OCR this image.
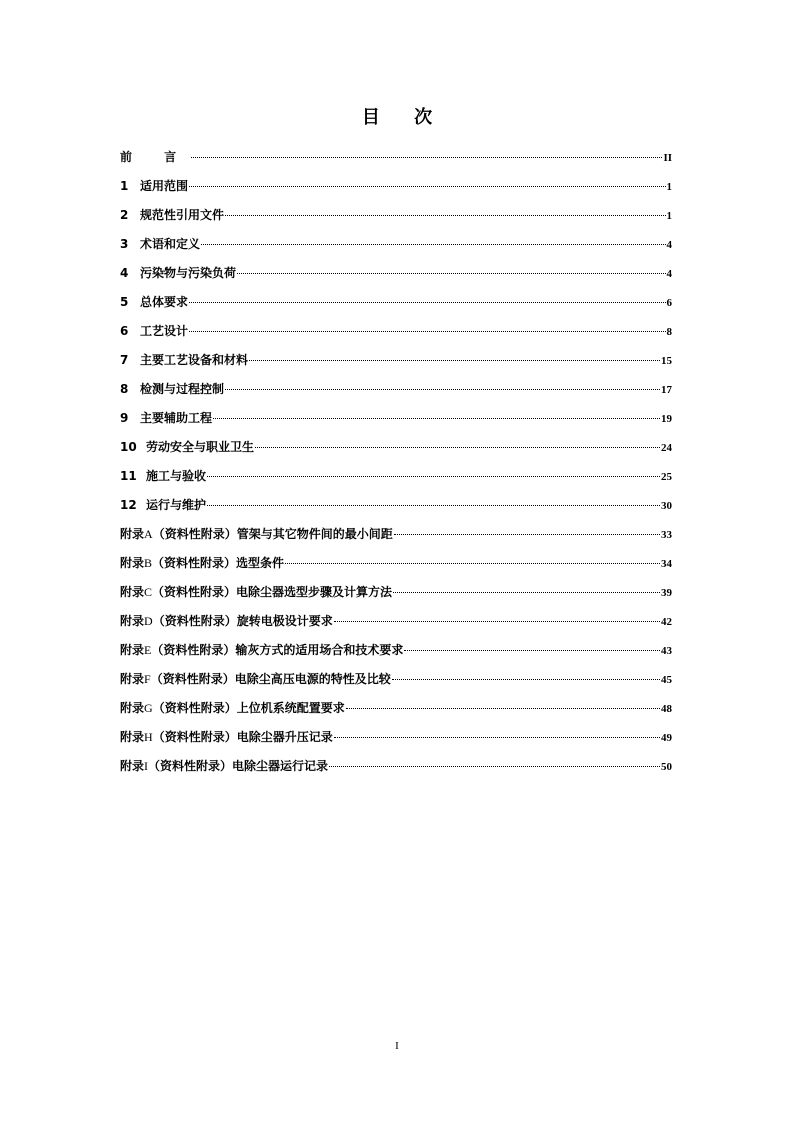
目 次
前 言	II
1 适用范围	1
2 规范性引用文件	1
3 术语和定义	4
4 污染物与污染负荷	4
5 总体要求	6
6 工艺设计	8
7 主要工艺设备和材料	15
8 检测与过程控制	17
9 主要辅助工程	19
10 劳动安全与职业卫生	24
11 施工与验收	25
12 运行与维护	30
附录 A （资料性附录）管架与其它物件间的最小间距	33
附录 B （资料性附录）选型条件	34
附录 C （资料性附录）电除尘器选型步骤及计算方法	39
附录 D （资料性附录）旋转电极设计要求	42
附录 E （资料性附录）输灰方式的适用场合和技术要求	43
附录 F （资料性附录）电除尘高压电源的特性及比较	45
附录 G （资料性附录）上位机系统配置要求	48
附录 H （资料性附录）电除尘器升压记录	49
附录 I （资料性附录）电除尘器运行记录	50
I
